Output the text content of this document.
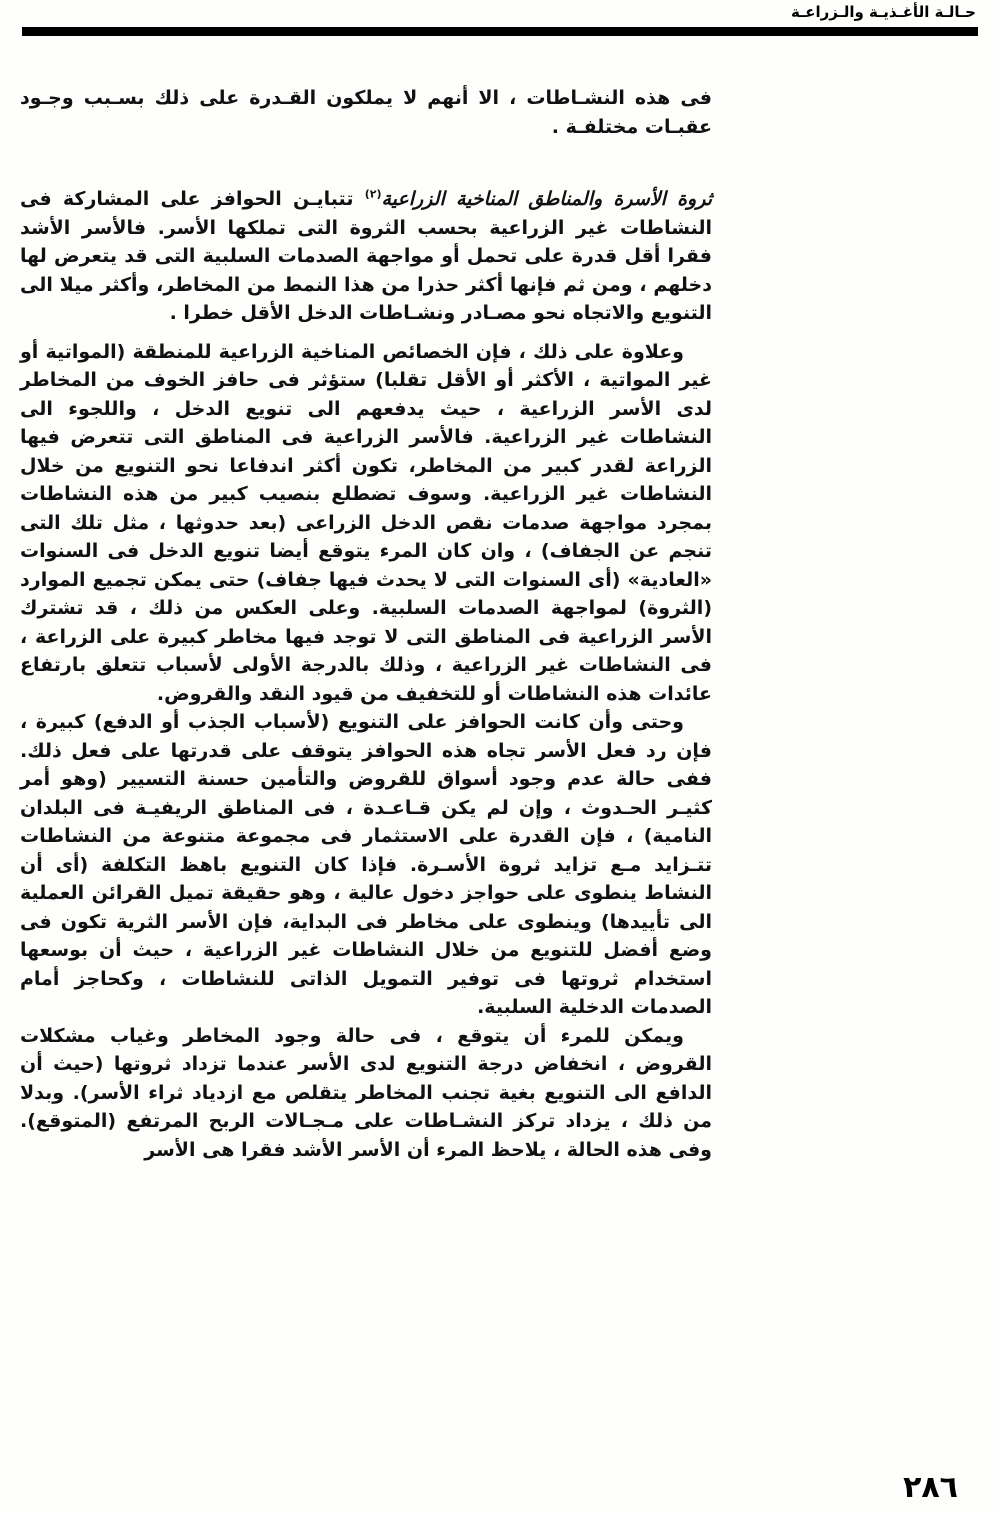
حـالـة الأغـذيـة والـزراعـة

فى هذه النشـاطات ، الا أنهم لا يملكون القـدرة على ذلك بسـبب وجـود عقبـات مختلفـة .

ثروة الأسرة والمناطق المناخية الزراعية$^{(٢)}$ تتبايـن الحوافز على المشاركة فى النشاطات غير الزراعية بحسب الثروة التى تملكها الأسر. فالأسر الأشد فقرا أقل قدرة على تحمل أو مواجهة الصدمات السلبية التى قد يتعرض لها دخلهم ، ومن ثم فإنها أكثر حذرا من هذا النمط من المخاطر، وأكثر ميلا الى التنويع والاتجاه نحو مصـادر ونشـاطات الدخل الأقل خطرا .

وعلاوة على ذلك ، فإن الخصائص المناخية الزراعية للمنطقة (المواتية أو غير المواتية ، الأكثر أو الأقل تقلبا) ستؤثر فى حافز الخوف من المخاطر لدى الأسر الزراعية ، حيث يدفعهم الى تنويع الدخل ، واللجوء الى النشاطات غير الزراعية. فالأسر الزراعية فى المناطق التى تتعرض فيها الزراعة لقدر كبير من المخاطر، تكون أكثر اندفاعا نحو التنويع من خلال النشاطات غير الزراعية. وسوف تضطلع بنصيب كبير من هذه النشاطات بمجرد مواجهة صدمات نقص الدخل الزراعى (بعد حدوثها ، مثل تلك التى تنجم عن الجفاف) ، وان كان المرء يتوقع أيضا تنويع الدخل فى السنوات «العادية» (أى السنوات التى لا يحدث فيها جفاف) حتى يمكن تجميع الموارد (الثروة) لمواجهة الصدمات السلبية. وعلى العكس من ذلك ، قد تشترك الأسر الزراعية فى المناطق التى لا توجد فيها مخاطر كبيرة على الزراعة ، فى النشاطات غير الزراعية ، وذلك بالدرجة الأولى لأسباب تتعلق بارتفاع عائدات هذه النشاطات أو للتخفيف من قيود النقد والقروض.

وحتى وأن كانت الحوافز على التنويع (لأسباب الجذب أو الدفع) كبيرة ، فإن رد فعل الأسر تجاه هذه الحوافز يتوقف على قدرتها على فعل ذلك. ففى حالة عدم وجود أسواق للقروض والتأمين حسنة التسيير (وهو أمر كثيـر الحـدوث ، وإن لم يكن قـاعـدة ، فى المناطق الريفيـة فى البلدان النامية) ، فإن القدرة على الاستثمار فى مجموعة متنوعة من النشاطات تتـزايد مـع تزايد ثروة الأسـرة. فإذا كان التنويع باهظ التكلفة (أى أن النشاط ينطوى على حواجز دخول عالية ، وهو حقيقة تميل القرائن العملية الى تأييدها) وينطوى على مخاطر فى البداية، فإن الأسر الثرية تكون فى وضع أفضل للتنويع من خلال النشاطات غير الزراعية ، حيث أن بوسعها استخدام ثروتها فى توفير التمويل الذاتى للنشاطات ، وكحاجز أمام الصدمات الدخلية السلبية.

ويمكن للمرء أن يتوقع ، فى حالة وجود المخاطر وغياب مشكلات القروض ، انخفاض درجة التنويع لدى الأسر عندما تزداد ثروتها (حيث أن الدافع الى التنويع بغية تجنب المخاطر يتقلص مع ازدياد ثراء الأسر). وبدلا من ذلك ، يزداد تركز النشـاطات على مـجـالات الربح المرتفع (المتوقع). وفى هذه الحالة ، يلاحظ المرء أن الأسر الأشد فقرا هى الأسر

٢٨٦
